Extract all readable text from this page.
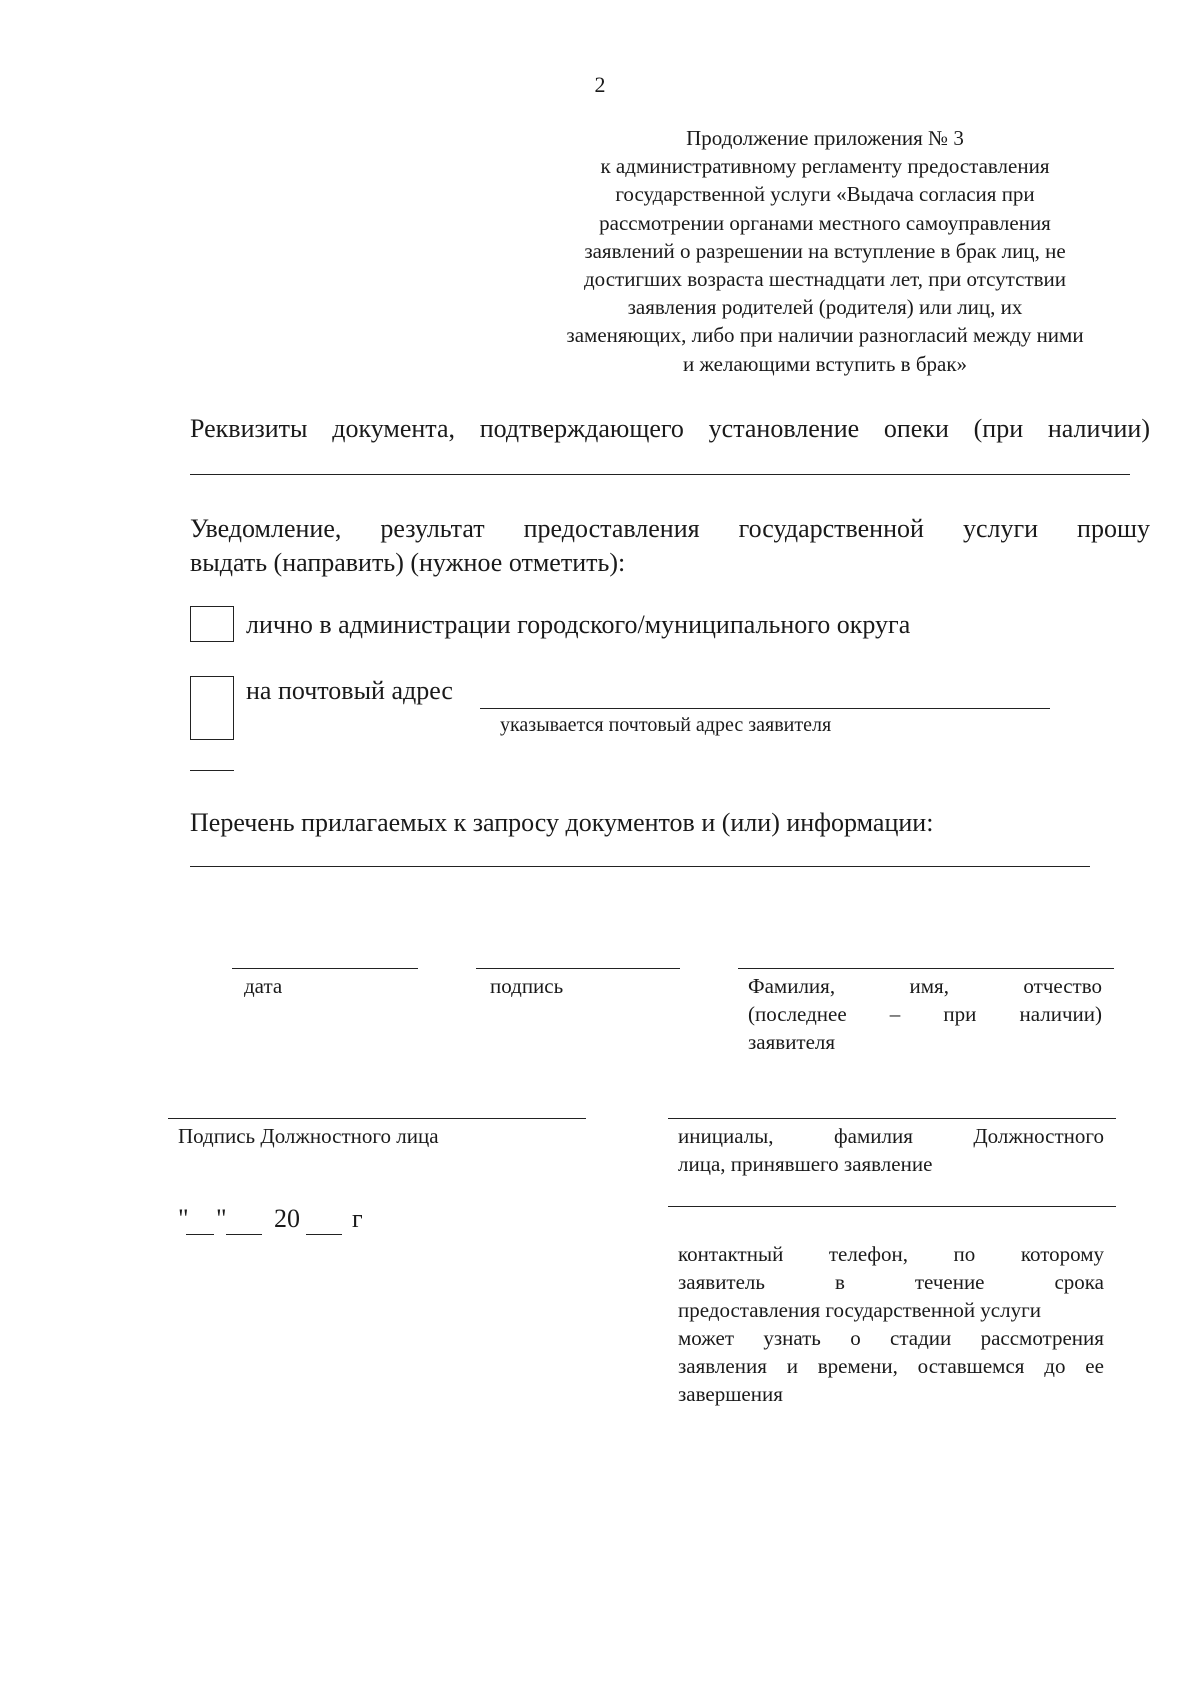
2
Продолжение приложения № 3
к административному регламенту предоставления
государственной услуги «Выдача согласия при
рассмотрении органами местного самоуправления
заявлений о разрешении на вступление в брак лиц, не
достигших возраста шестнадцати лет, при отсутствии
заявления родителей (родителя) или лиц, их
заменяющих, либо при наличии разногласий между ними
и желающими вступить в брак»
Реквизиты документа, подтверждающего установление опеки (при наличии)
Уведомление, результат предоставления государственной услуги прошу
выдать (направить) (нужное отметить):
лично в администрации городского/муниципального округа
на почтовый адрес
указывается почтовый адрес заявителя
Перечень прилагаемых к запросу документов и (или) информации:
дата	подпись	Фамилия,	имя,	отчество
(последнее – при наличии)
заявителя
Подпись Должностного лица	инициалы,	фамилия	Должностного
лица, принявшего заявление
" " 20 г
контактный телефон, по которому
заявитель	в	течение	срока
предоставления государственной услуги
может узнать о стадии рассмотрения
заявления и времени, оставшемся до ее
завершения
